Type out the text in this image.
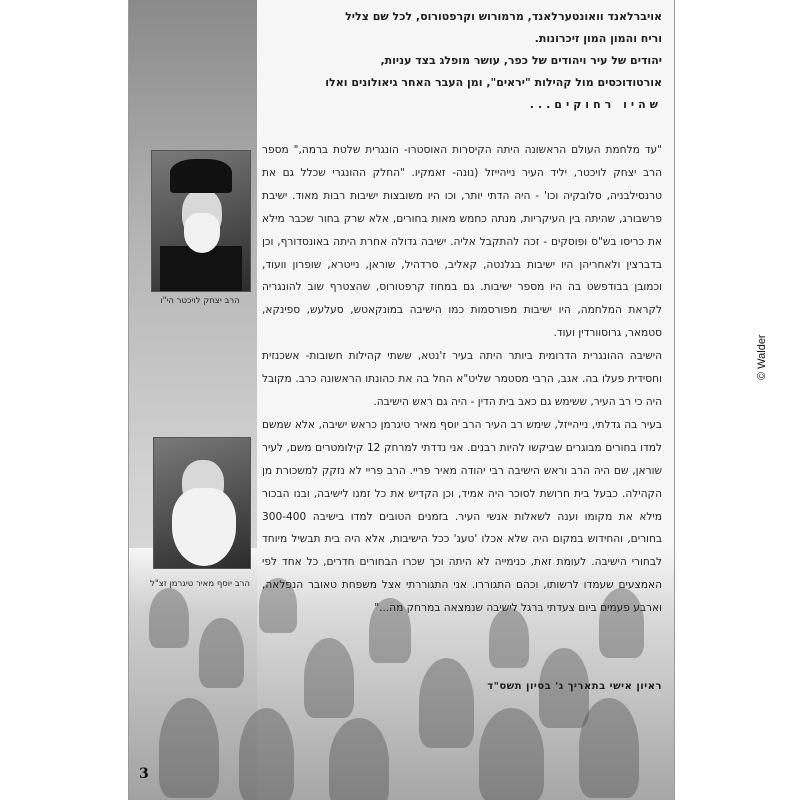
הרב יצחק לויכטר הי"ו
הרב יוסף מאיר טיגרמן זצ"ל
3
אויברלאנד וואונטערלאנד, מרמורוש וקרפטורוס, לכל שם צליל
וריח והמון המון זיכרונות.
יהודים של עיר ויהודים של כפר, עושר מופלג בצד עניות,
אורטודוכסים מול קהילות "יראים", ומן העבר האחר גיאולונים ואלו
שהיו רחוקים...

"עד מלחמת העולם הראשונה היתה הקיסרות האוסטרו- הונגרית שלטת ברמה," מספר הרב יצחק לויכטר, יליד העיר נייהייזל (נונה- זאמקיו. "החלק ההונגרי שכלל גם את טרנסילבניה, סלובקיה וכו' - היה הדתי יותר, וכו היו משובצות ישיבות רבות מאוד. ישיבת פרשבורג, שהיתה בין העיקריות, מנתה כחמש מאות בחורים, אלא שרק בחור שכבר מילא את כריסו בש"ס ופוסקים - זכה להתקבל אליה. ישיבה גדולה אחרת היתה באונסדורף, וכן בדברצין ולאחריהן היו ישיבות בגלנטה, קאליב, סרדהיל, שוראן, נייטרא, שופרון וועוד, וכמובן בבודפשט בה היו מספר ישיבות. גם במחוז קרפטורוס, שהצטרף שוב להונגריה לקראת המלחמה, היו ישיבות מפורסמות כמו הישיבה במונקאטש, סעלעש, ספינקא, סטמאר, גרוסוורדין ועוד.

הישיבה ההונגרית הדרומית ביותר היתה בעיר ז'נטא, ששתי קהילות חשובות- אשכנזית וחסידית פעלו בה. אגב, הרבי מסטמר שליט"א החל בה את כהונתו הראשונה כרב. מקובל היה כי רב העיר, ששימש גם כאב בית הדין - היה גם ראש הישיבה.

בעיר בה גדלתי, נייהייזל, שימש רב העיר הרב יוסף מאיר טיגרמן כראש ישיבה, אלא שמשם למדו בחורים מבוגרים שביקשו להיות רבנים. אני נדדתי למרחק 12 קילומטרים משם, לעיר שוראן, שם היה הרב וראש הישיבה רבי יהודה מאיר פריי. הרב פריי לא נזקק למשכורת מן הקהילה. כבעל בית חרושת לסוכר היה אמיד, וכן הקדיש את כל זמנו לישיבה, ובנו הבכור מילא את מקומו וענה לשאלות אנשי העיר. בזמנים הטובים למדו בישיבה 300-400 בחורים, והחידוש במקום היה שלא אכלו 'טעג' ככל הישיבות, אלא היה בית תבשיל מיוחד לבחורי הישיבה. לעומת זאת, כנימייה לא היתה וכך שכרו הבחורים חדרים, כל אחד לפי האמצעים שעמדו לרשותו, וכהם התגוררו. אני התגוררתי אצל משפחת טאובר הנפלאה, וארבע פעמים ביום צעדתי ברגל לישיבה שנמצאה במרחק מה..."

ראיון אישי בתאריך ג' בסיון תשס"ד
© Walder
